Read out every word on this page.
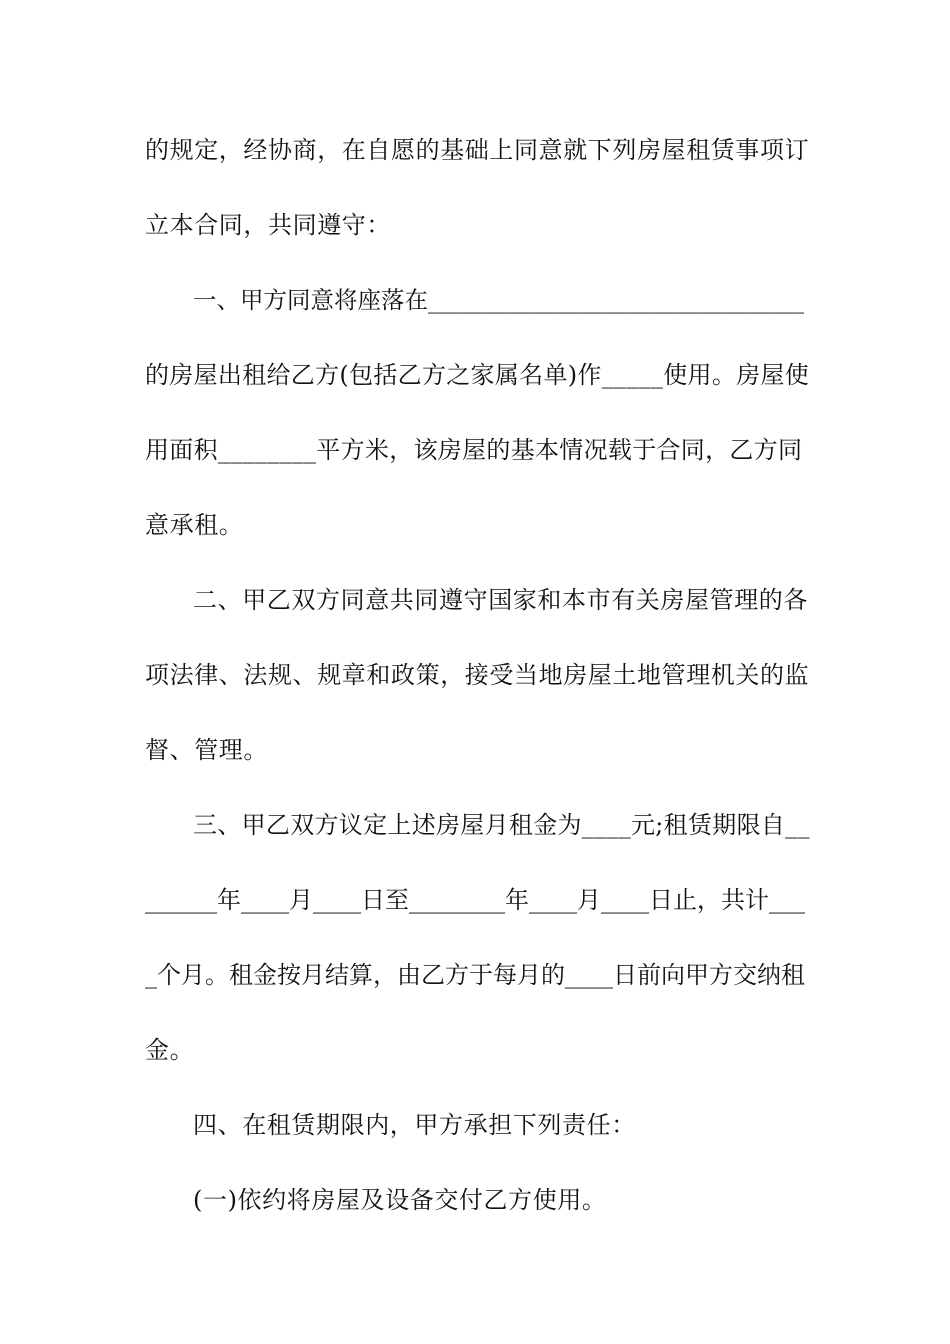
的规定，经协商，在自愿的基础上同意就下列房屋租赁事项订

立本合同，共同遵守：

一、甲方同意将座落在________________________________

的房屋出租给乙方(包括乙方之家属名单)作_____使用。房屋使

用面积________平方米，该房屋的基本情况载于合同，乙方同

意承租。

二、甲乙双方同意共同遵守国家和本市有关房屋管理的各

项法律、法规、规章和政策，接受当地房屋土地管理机关的监

督、管理。

三、甲乙双方议定上述房屋月租金为____元;租赁期限自__

______年____月____日至________年____月____日止，共计___

_个月。租金按月结算，由乙方于每月的____日前向甲方交纳租

金。

四、在租赁期限内，甲方承担下列责任：

(一)依约将房屋及设备交付乙方使用。
